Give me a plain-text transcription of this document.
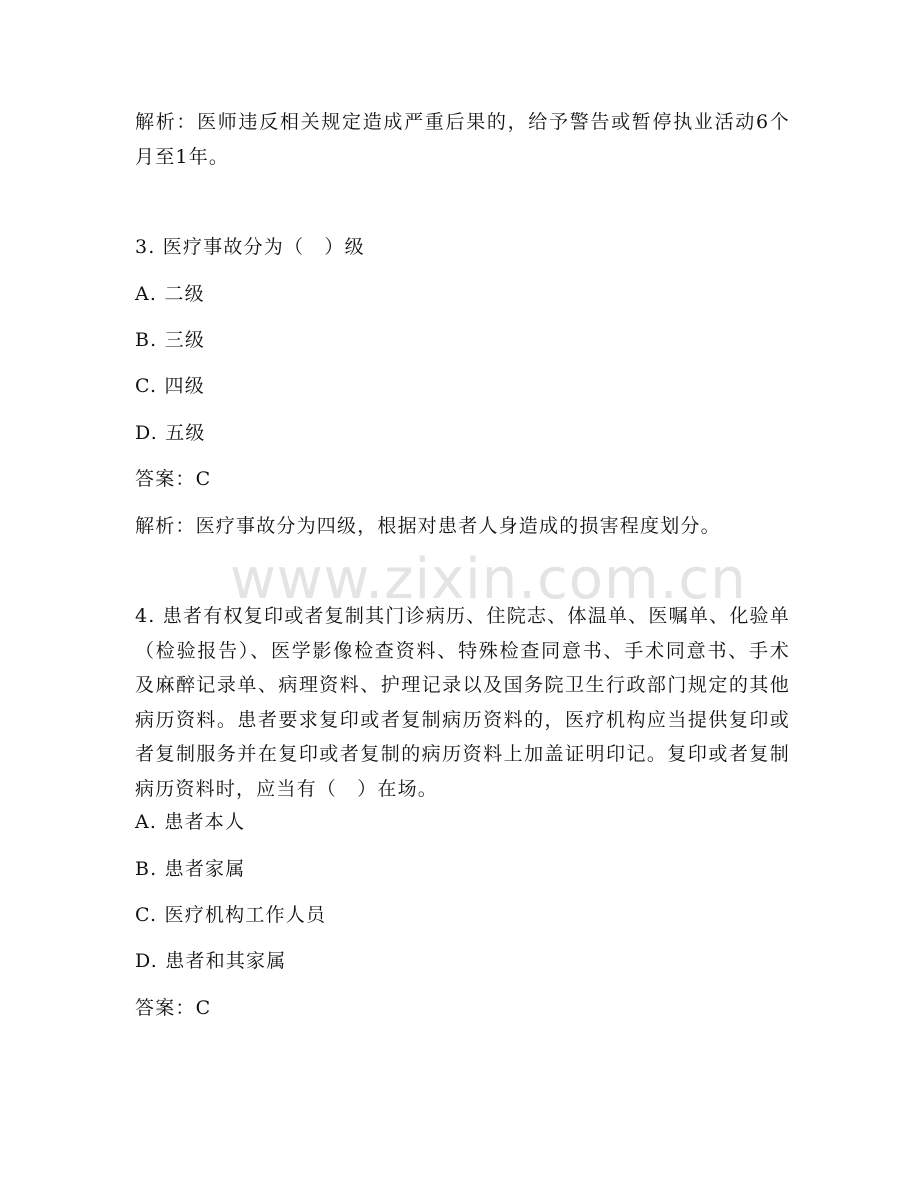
解析：医师违反相关规定造成严重后果的，给予警告或暂停执业活动6个月至1年。
3. 医疗事故分为（　）级
A. 二级
B. 三级
C. 四级
D. 五级
答案：C
解析：医疗事故分为四级，根据对患者人身造成的损害程度划分。
www.zixin.com.cn
4. 患者有权复印或者复制其门诊病历、住院志、体温单、医嘱单、化验单（检验报告）、医学影像检查资料、特殊检查同意书、手术同意书、手术及麻醉记录单、病理资料、护理记录以及国务院卫生行政部门规定的其他病历资料。患者要求复印或者复制病历资料的，医疗机构应当提供复印或者复制服务并在复印或者复制的病历资料上加盖证明印记。复印或者复制病历资料时，应当有（　）在场。
A. 患者本人
B. 患者家属
C. 医疗机构工作人员
D. 患者和其家属
答案：C
